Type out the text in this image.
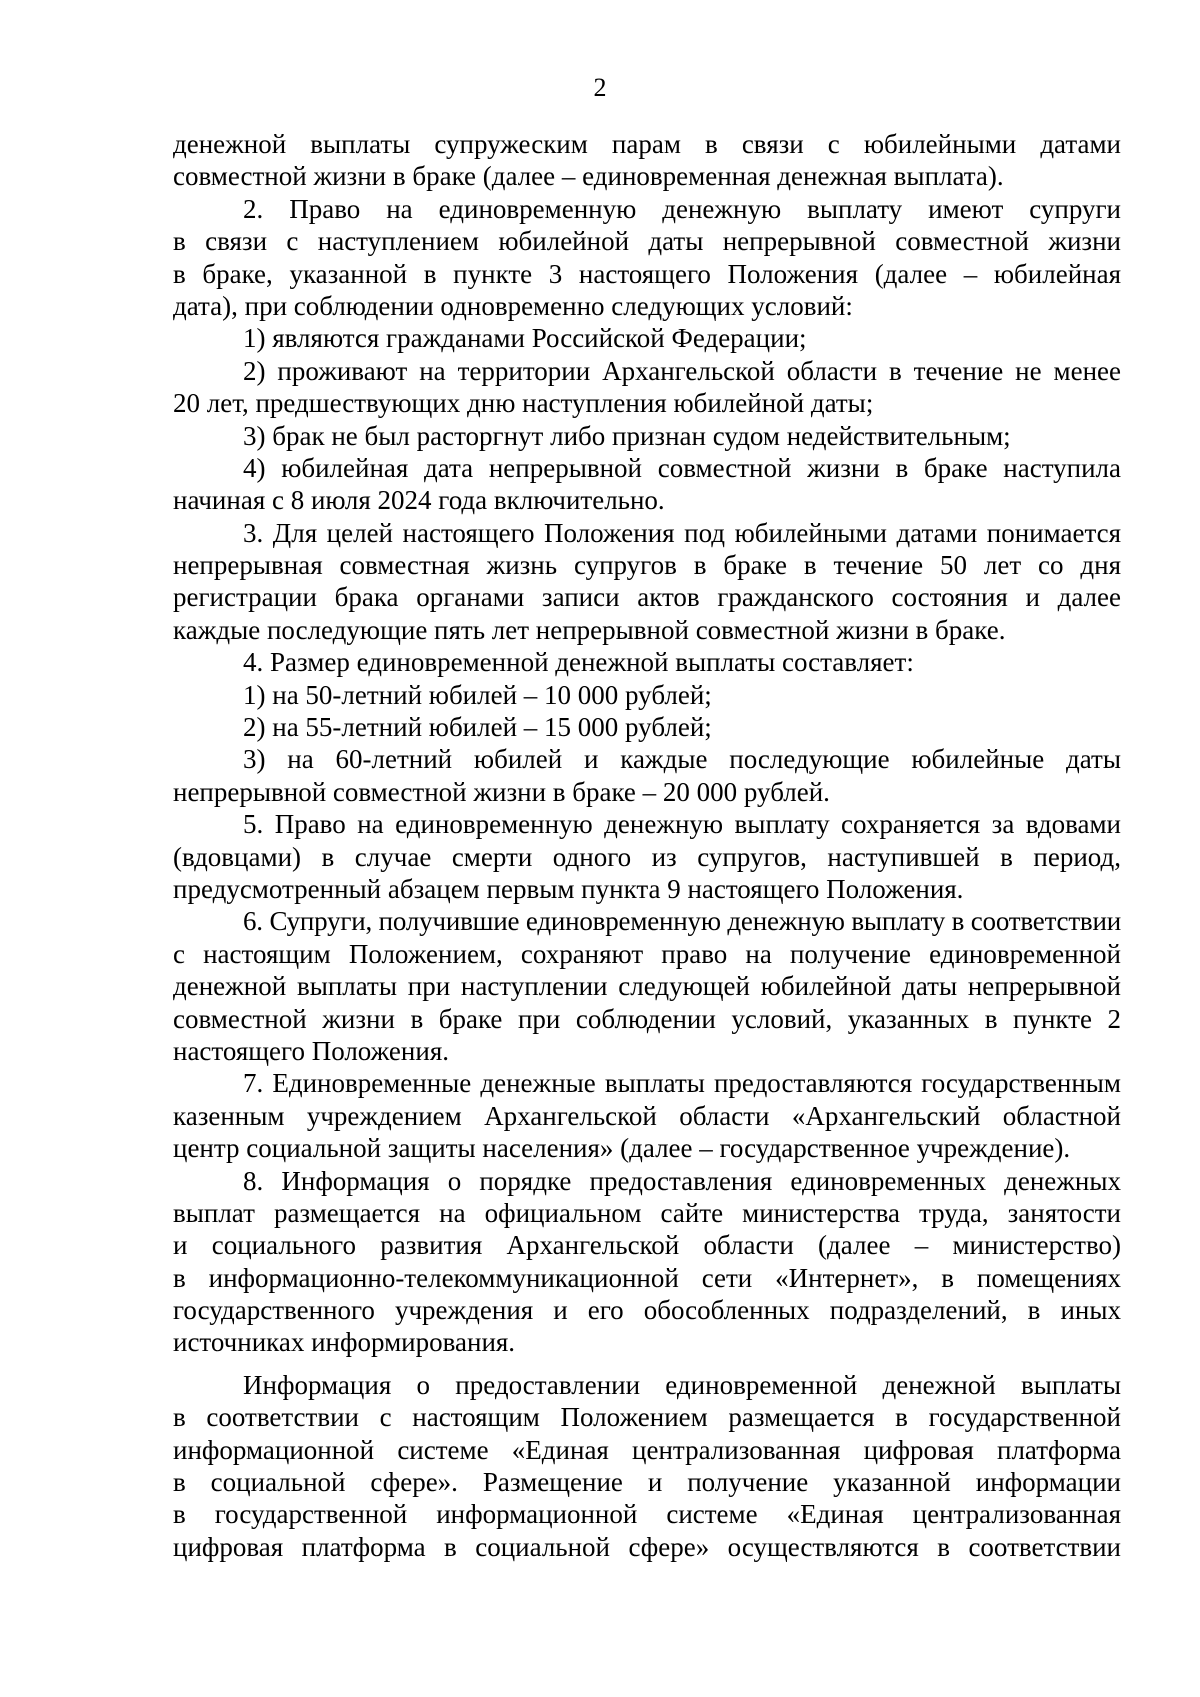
2
денежной выплаты супружеским парам в связи с юбилейными датами
совместной жизни в браке (далее – единовременная денежная выплата).
2. Право на единовременную денежную выплату имеют супруги
в связи с наступлением юбилейной даты непрерывной совместной жизни
в браке, указанной в пункте 3 настоящего Положения (далее – юбилейная
дата), при соблюдении одновременно следующих условий:
1) являются гражданами Российской Федерации;
2) проживают на территории Архангельской области в течение не менее
20 лет, предшествующих дню наступления юбилейной даты;
3) брак не был расторгнут либо признан судом недействительным;
4) юбилейная дата непрерывной совместной жизни в браке наступила
начиная с 8 июля 2024 года включительно.
3. Для целей настоящего Положения под юбилейными датами понимается
непрерывная совместная жизнь супругов в браке в течение 50 лет со дня
регистрации брака органами записи актов гражданского состояния и далее
каждые последующие пять лет непрерывной совместной жизни в браке.
4. Размер единовременной денежной выплаты составляет:
1) на 50-летний юбилей – 10 000 рублей;
2) на 55-летний юбилей – 15 000 рублей;
3) на 60-летний юбилей и каждые последующие юбилейные даты
непрерывной совместной жизни в браке – 20 000 рублей.
5. Право на единовременную денежную выплату сохраняется за вдовами
(вдовцами) в случае смерти одного из супругов, наступившей в период,
предусмотренный абзацем первым пункта 9 настоящего Положения.
6. Супруги, получившие единовременную денежную выплату в соответствии
с настоящим Положением, сохраняют право на получение единовременной
денежной выплаты при наступлении следующей юбилейной даты непрерывной
совместной жизни в браке при соблюдении условий, указанных в пункте 2
настоящего Положения.
7. Единовременные денежные выплаты предоставляются государственным
казенным учреждением Архангельской области «Архангельский областной
центр социальной защиты населения» (далее – государственное учреждение).
8. Информация о порядке предоставления единовременных денежных
выплат размещается на официальном сайте министерства труда, занятости
и социального развития Архангельской области (далее – министерство)
в информационно-телекоммуникационной сети «Интернет», в помещениях
государственного учреждения и его обособленных подразделений, в иных
источниках информирования.
Информация о предоставлении единовременной денежной выплаты
в соответствии с настоящим Положением размещается в государственной
информационной системе «Единая централизованная цифровая платформа
в социальной сфере». Размещение и получение указанной информации
в государственной информационной системе «Единая централизованная
цифровая платформа в социальной сфере» осуществляются в соответствии
